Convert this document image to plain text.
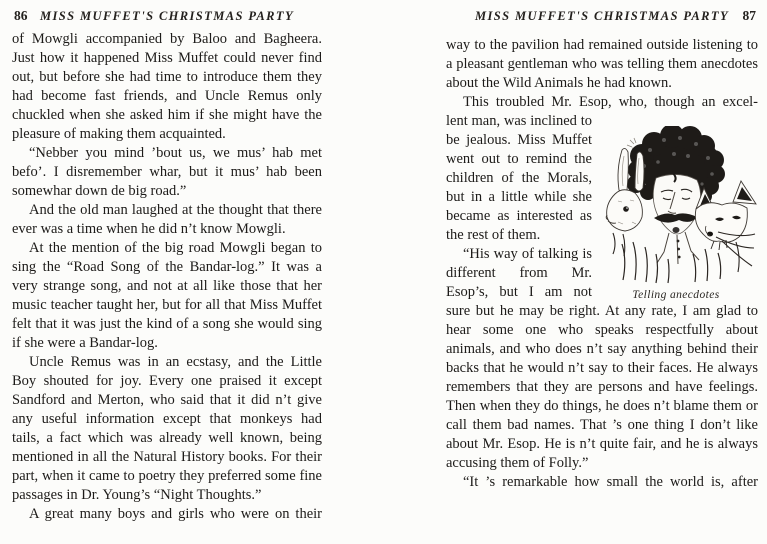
86	MISS MUFFET'S CHRISTMAS PARTY

of Mowgli accompanied by Baloo and Bagheera. Just how it happened Miss Muffet could never find out, but before she had time to introduce them they had become fast friends, and Uncle Remus only chuckled when she asked him if she might have the pleasure of making them acquainted.

“Nebber you mind ’bout us, we mus’ hab met befo’. I disremember whar, but it mus’ hab been somewhar down de big road.”

And the old man laughed at the thought that there ever was a time when he did n’t know Mowgli.

At the mention of the big road Mowgli began to sing the “Road Song of the Bandar-log.” It was a very strange song, and not at all like those that her music teacher taught her, but for all that Miss Muffet felt that it was just the kind of a song she would sing if she were a Bandar-log.

Uncle Remus was in an ecstasy, and the Little Boy shouted for joy. Every one praised it except Sandford and Merton, who said that it did n’t give any useful information except that monkeys had tails, a fact which was already well known, being mentioned in all the Natural History books. For their part, when it came to poetry they preferred some fine passages in Dr. Young’s “Night Thoughts.”

A great many boys and girls who were on their

MISS MUFFET'S CHRISTMAS PARTY	87
Telling anecdotes

way to the pavilion had remained outside listening to a pleasant gentleman who was telling them anecdotes about the Wild Animals he had known.

This troubled Mr. Esop, who, though an excel-

lent man, was inclined to be jealous. Miss Muffet went out to remind the children of the Morals, but in a little while she became as interested as the rest of them.

“His way of talking is different from Mr. Esop’s, but I am not

sure but he may be right. At any rate, I am glad to hear some one who speaks respectfully about animals, and who does n’t say anything behind their backs that he would n’t say to their faces. He always remembers that they are persons and have feelings. Then when they do things, he does n’t blame them or call them bad names. That ’s one thing I don’t like about Mr. Esop. He is n’t quite fair, and he is always accusing them of Folly.”

“It ’s remarkable how small the world is, after
